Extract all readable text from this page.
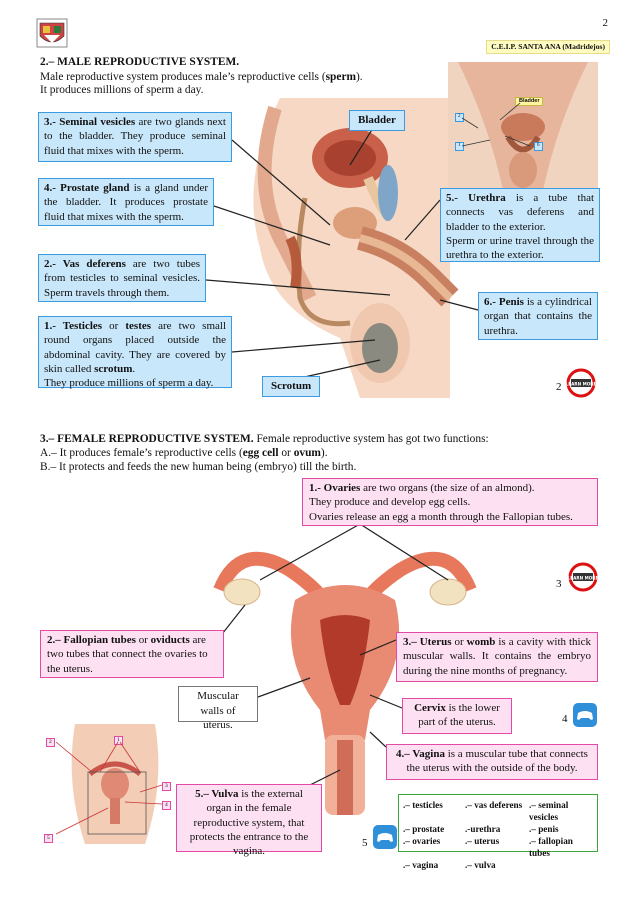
2
C.E.I.P. SANTA ANA (Madridejos)
2.– MALE REPRODUCTIVE SYSTEM.
Male reproductive system produces male’s reproductive cells (sperm).
It produces millions of sperm a day.
Bladder
2
1	6
Bladder
Scrotum
3.- Seminal vesicles are two glands next to the bladder. They produce seminal fluid that mixes with the sperm.
4.- Prostate gland is a gland under the bladder. It produces prostate fluid that mixes with the sperm.
2.- Vas deferens are two tubes from testicles to seminal vesicles. Sperm travels through them.
1.- Testicles or testes are two small round organs placed outside the abdominal cavity. They are covered by skin called scrotum.
They produce millions of sperm a day.
5.- Urethra is a tube that connects vas deferens and bladder to the exterior.
Sperm or urine travel through the urethra to the exterior.
6.- Penis is a cylindrical organ that contains the urethra.
2 LEARN MORE
3.– FEMALE REPRODUCTIVE SYSTEM. Female reproductive system has got two functions:
A.– It produces female’s reproductive cells (egg cell or ovum).
B.– It protects and feeds the new human being (embryo) till the birth.
2	1
3
4
5
1.- Ovaries are two organs (the size of an almond).
They produce and develop egg cells.
Ovaries release an egg a month through the Fallopian tubes.
2.– Fallopian tubes or oviducts are two tubes that connect the ovaries to the uterus.
3.– Uterus or womb is a cavity with thick muscular walls. It contains the embryo during the nine months of pregnancy.
Muscular walls of uterus.
Cervix is the lower part of the uterus.
4.– Vagina is a muscular tube that connects the uterus with the outside of the body.
5.– Vulva is the external organ in the female reproductive system, that protects the entrance to the vagina.
3 LEARN MORE
4
5
.– testicles	.– vas deferens .– seminal vesicles
.– prostate	.-urethra	.– penis
.– ovaries	.– uterus	.– fallopian tubes
.– vagina	.– vulva
